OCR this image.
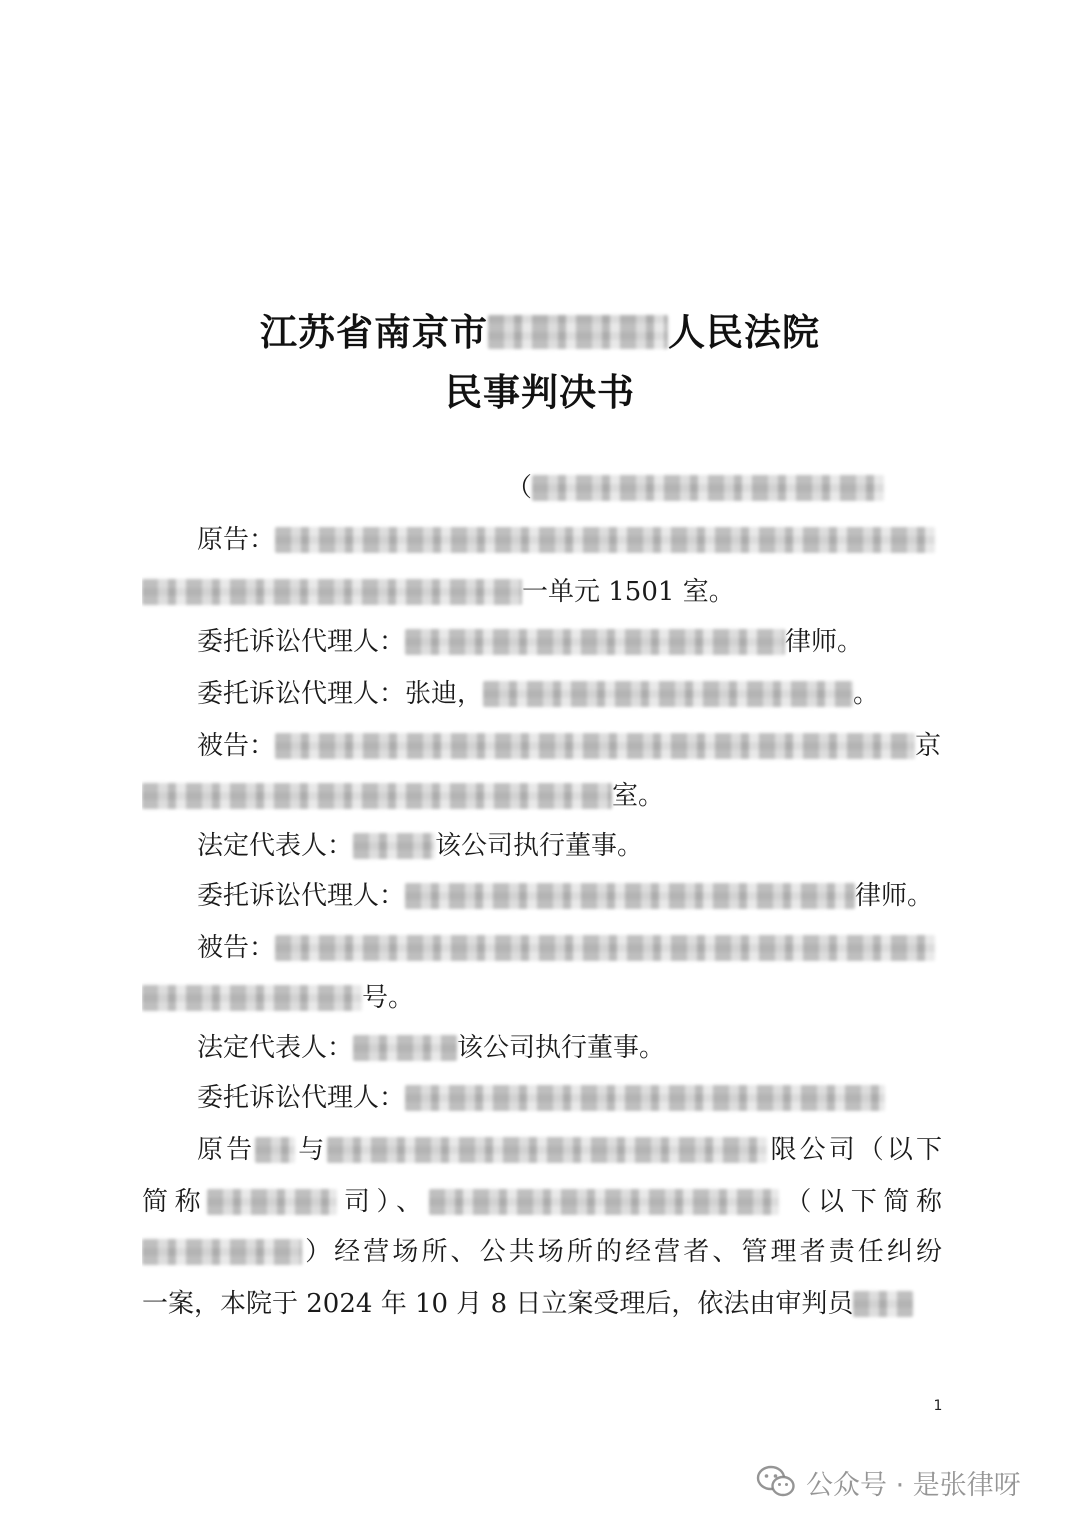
江苏省南京市	人民法院
民事判决书
（
原告：
一单元 1501 室。
委托诉讼代理人：	律师。
委托诉讼代理人：张迪，	。
被告：	京
室。
法定代表人：	该公司执行董事。
委托诉讼代理人：	律师。
被告：
号。
法定代表人：	该公司执行董事。
委托诉讼代理人：
原告 与	限公司（以下
简称	司）、	（以下简称
）经营场所、公共场所的经营者、管理者责任纠纷
一案，本院于 2024 年 10 月 8 日立案受理后，依法由审判员
1
公众号 · 是张律呀
